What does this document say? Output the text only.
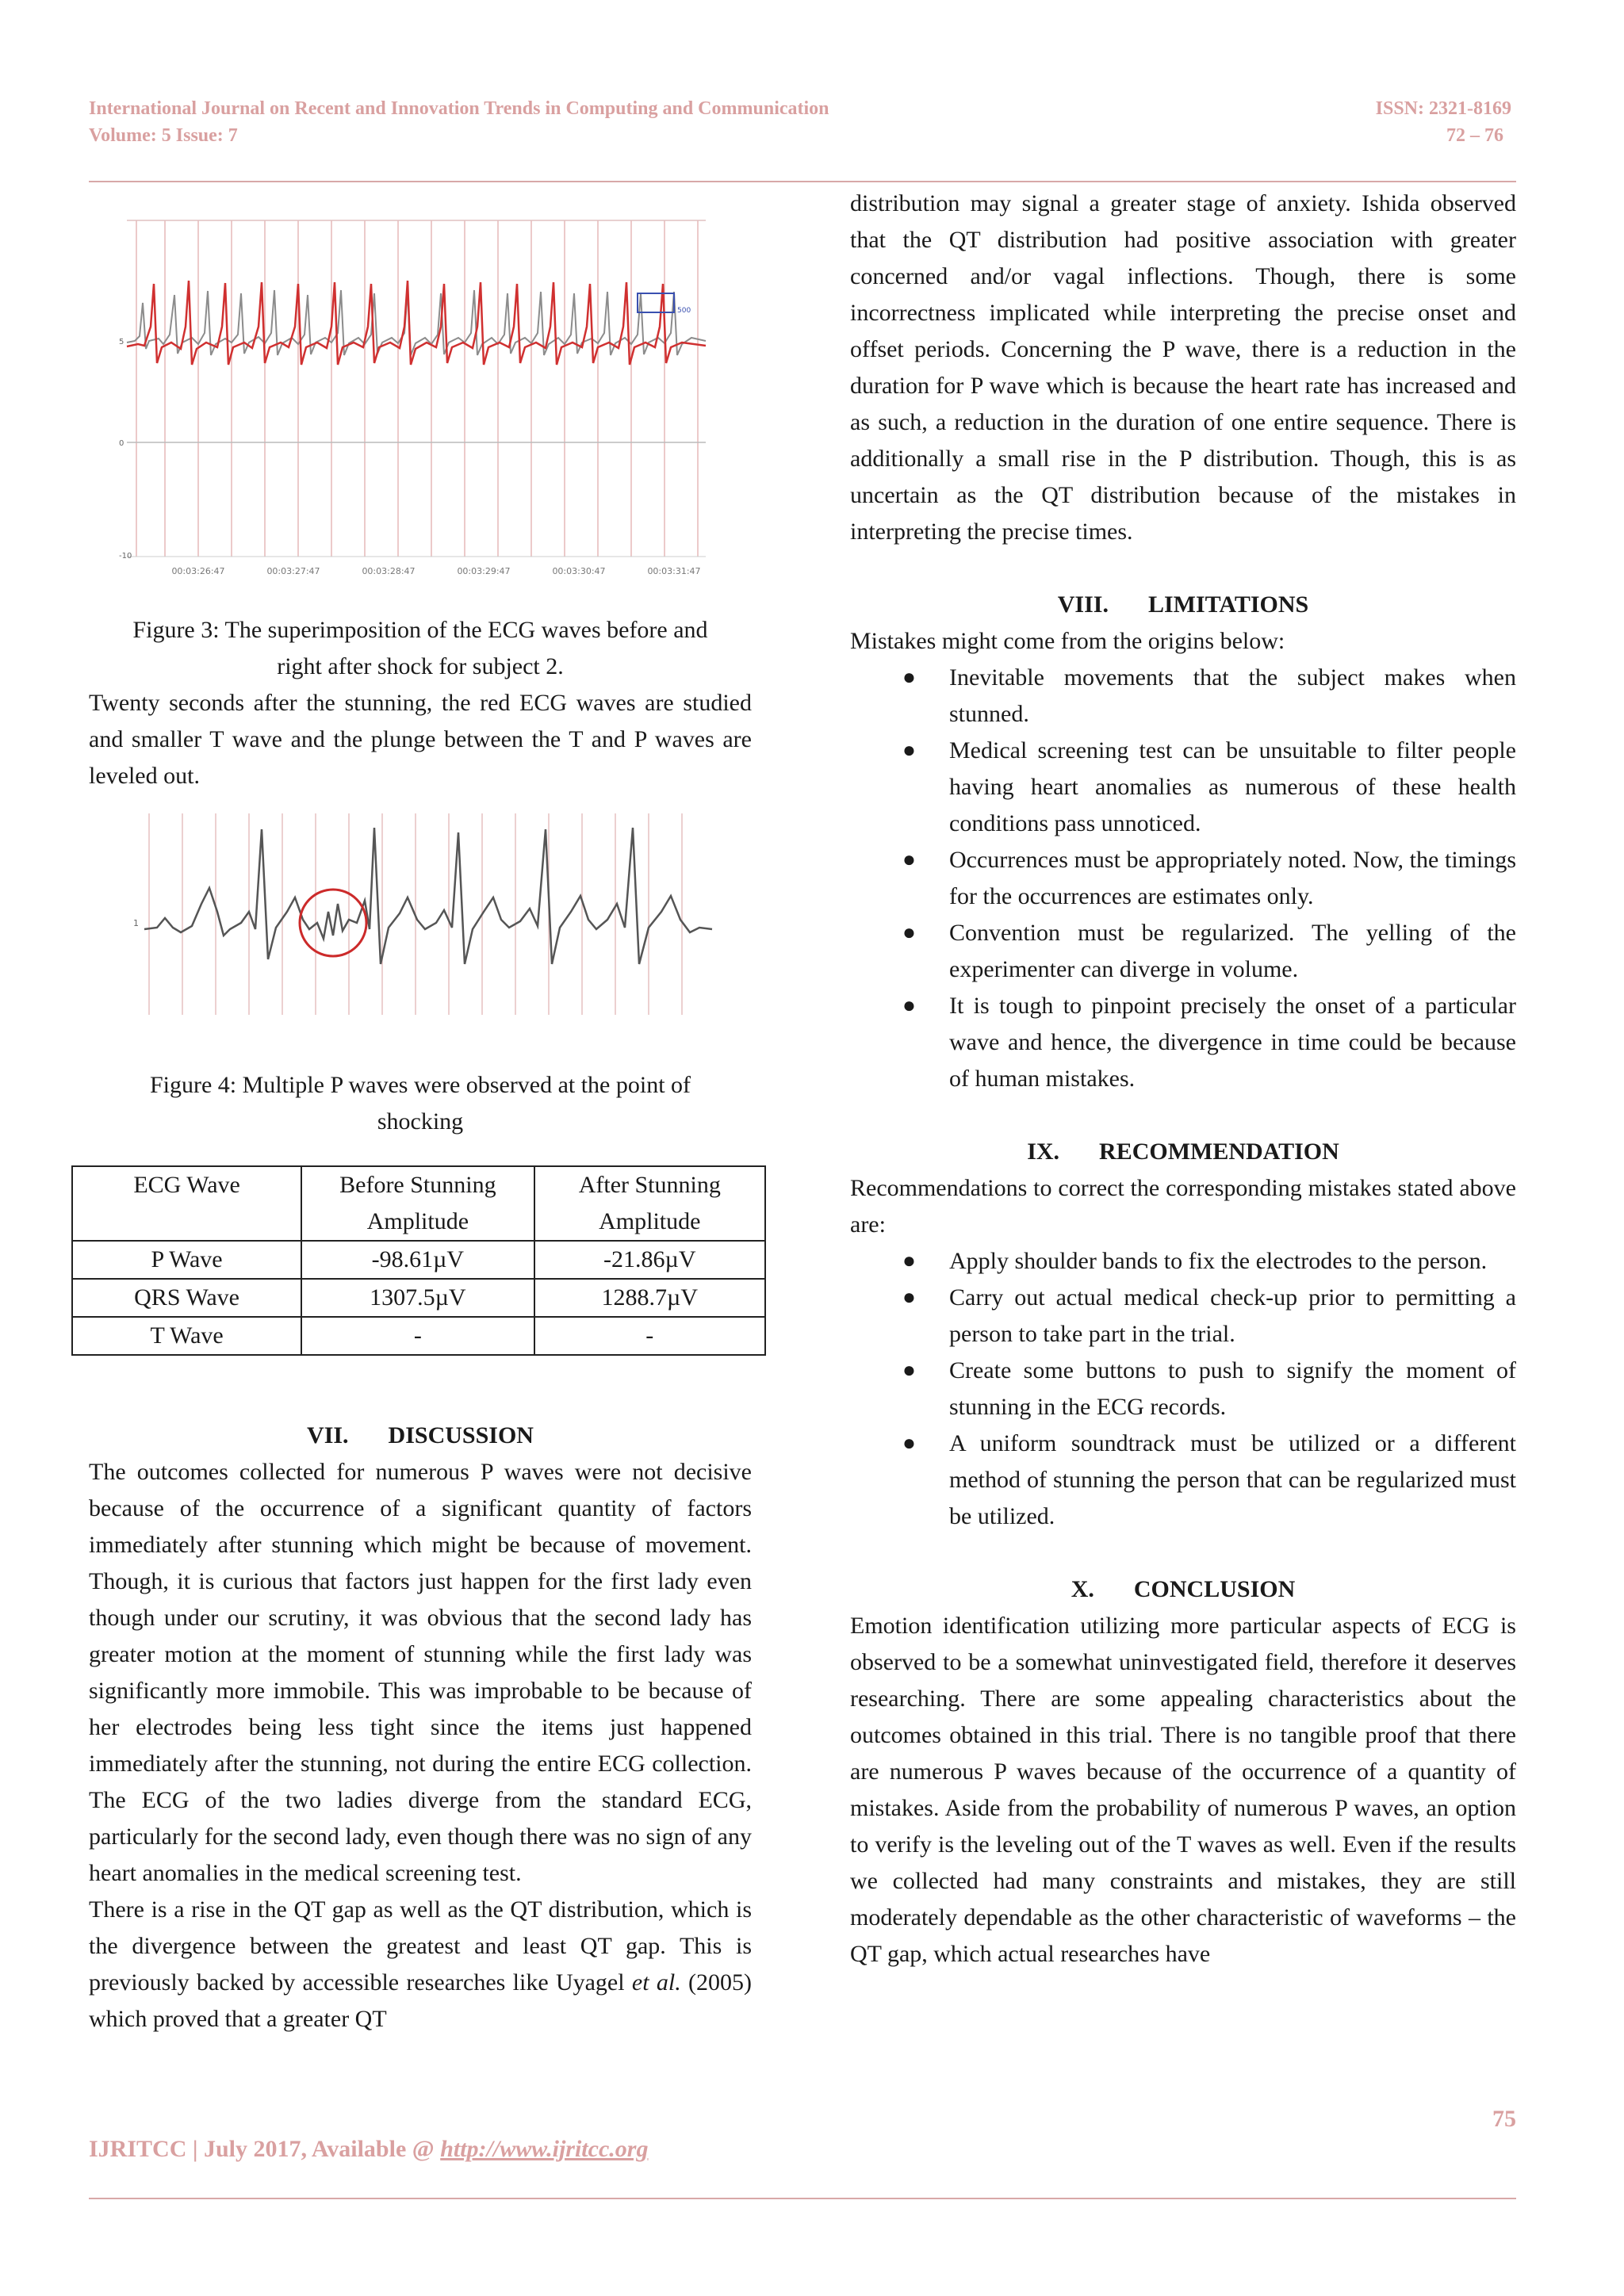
International Journal on Recent and Innovation Trends in Computing and Communication
Volume: 5 Issue: 7
ISSN: 2321-8169
72 – 76
500
5
0
-10
00:03:26:47	00:03:27:47	00:03:28:47	00:03:29:47	00:03:30:47	00:03:31:47
Figure 3: The superimposition of the ECG waves before and
right after shock for subject 2.

Twenty seconds after the stunning, the red ECG waves are studied and smaller T wave and the plunge between the T and P waves are leveled out.

1
Figure 4: Multiple P waves were observed at the point of
shocking
ECG Wave	Before Stunning Amplitude	After Stunning Amplitude
P Wave	-98.61µV	-21.86µV
QRS Wave	1307.5µV	1288.7µV
T Wave	-	-

VII. DISCUSSION

The outcomes collected for numerous P waves were not decisive because of the occurrence of a significant quantity of factors immediately after stunning which might be because of movement. Though, it is curious that factors just happen for the first lady even though under our scrutiny, it was obvious that the second lady has greater motion at the moment of stunning while the first lady was significantly more immobile. This was improbable to be because of her electrodes being less tight since the items just happened immediately after the stunning, not during the entire ECG collection. The ECG of the two ladies diverge from the standard ECG, particularly for the second lady, even though there was no sign of any heart anomalies in the medical screening test.

There is a rise in the QT gap as well as the QT distribution, which is the divergence between the greatest and least QT gap. This is previously backed by accessible researches like Uyagel et al. (2005) which proved that a greater QT

distribution may signal a greater stage of anxiety. Ishida observed that the QT distribution had positive association with greater concerned and/or vagal inflections. Though, there is some incorrectness implicated while interpreting the precise onset and offset periods. Concerning the P wave, there is a reduction in the duration for P wave which is because the heart rate has increased and as such, a reduction in the duration of one entire sequence. There is additionally a small rise in the P distribution. Though, this is as uncertain as the QT distribution because of the mistakes in interpreting the precise times.

VIII. LIMITATIONS

Mistakes might come from the origins below:

● Inevitable movements that the subject makes when stunned.
● Medical screening test can be unsuitable to filter people having heart anomalies as numerous of these health conditions pass unnoticed.
● Occurrences must be appropriately noted. Now, the timings for the occurrences are estimates only.
● Convention must be regularized. The yelling of the experimenter can diverge in volume.
● It is tough to pinpoint precisely the onset of a particular wave and hence, the divergence in time could be because of human mistakes.

IX. RECOMMENDATION

Recommendations to correct the corresponding mistakes stated above are:

● Apply shoulder bands to fix the electrodes to the person.
● Carry out actual medical check-up prior to permitting a person to take part in the trial.
● Create some buttons to push to signify the moment of stunning in the ECG records.
● A uniform soundtrack must be utilized or a different method of stunning the person that can be regularized must be utilized.

X. CONCLUSION

Emotion identification utilizing more particular aspects of ECG is observed to be a somewhat uninvestigated field, therefore it deserves researching. There are some appealing characteristics about the outcomes obtained in this trial. There is no tangible proof that there are numerous P waves because of the occurrence of a quantity of mistakes. Aside from the probability of numerous P waves, an option to verify is the leveling out of the T waves as well. Even if the results we collected had many constraints and mistakes, they are still moderately dependable as the other characteristic of waveforms – the QT gap, which actual researches have

75
IJRITCC | July 2017, Available @ http://www.ijritcc.org
